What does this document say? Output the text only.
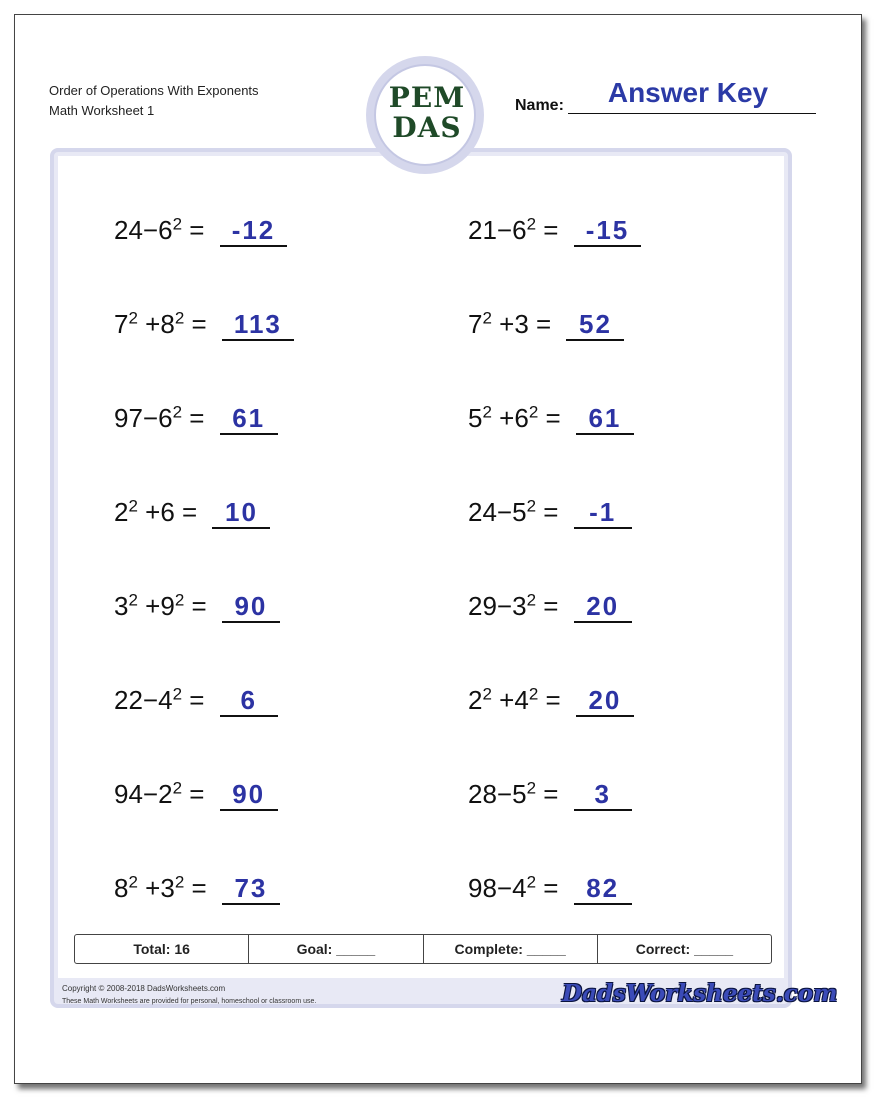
Order of Operations With Exponents
Math Worksheet 1
Answer Key
Name:
PEM
DAS
$24-6^2 = -12$	$21-6^2 = -15$
$7^2 +8^2 = 113$	$7^2 +3 = 52$
$97-6^2 = 61$	$5^2 +6^2 = 61$
$2^2 +6 = 10$	$24-5^2 = -1$
$3^2 +9^2 = 90$	$29-3^2 = 20$
$22-4^2 = 6$	$2^2 +4^2 = 20$
$94-2^2 = 90$	$28-5^2 = 3$
$8^2 +3^2 = 73$	$98-4^2 = 82$
Total: 16	Goal: _____	Complete: _____	Correct: _____
Copyright © 2008-2018 DadsWorksheets.com
These Math Worksheets are provided for personal, homeschool or classroom use.	DadsWorksheets.com
